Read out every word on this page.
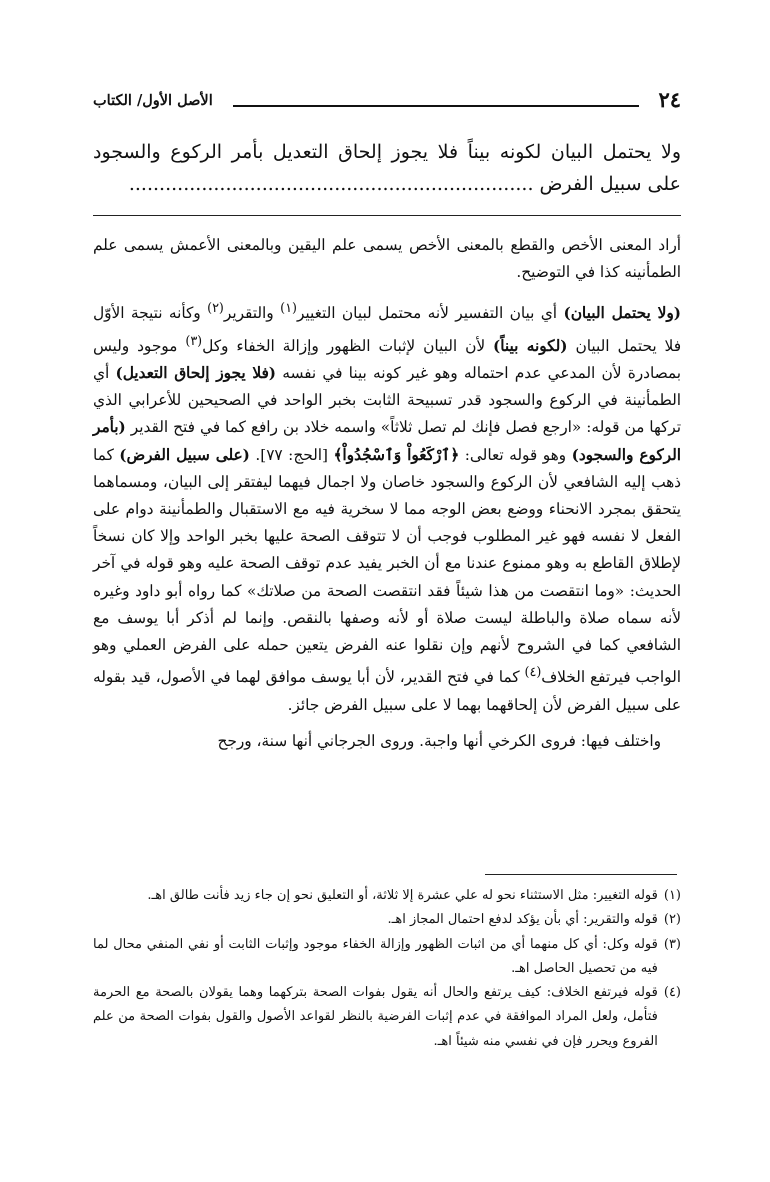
٢٤
الأصل الأول/ الكتاب

ولا يحتمل البيان لكونه بيناً فلا يجوز إلحاق التعديل بأمر الركوع والسجود على سبيل الفرض ...................................................................

أراد المعنى الأخص والقطع بالمعنى الأخص يسمى علم اليقين وبالمعنى الأعمش يسمى علم الطمأنينه كذا في التوضيح.

(ولا يحتمل البيان) أي بيان التفسير لأنه محتمل لبيان التغيير$^{(١)}$ والتقرير$^{(٢)}$ وكأنه نتيجة الأوّل فلا يحتمل البيان (لكونه بيناً) لأن البيان لإثبات الظهور وإزالة الخفاء وكل$^{(٣)}$ موجود وليس بمصادرة لأن المدعي عدم احتماله وهو غير كونه بينا في نفسه (فلا يجوز إلحاق التعديل) أي الطمأنينة في الركوع والسجود قدر تسبيحة الثابت بخبر الواحد في الصحيحين للأعرابي الذي تركها من قوله: «ارجع فصل فإنك لم تصل ثلاثاً» واسمه خلاد بن رافع كما في فتح القدير (بأمر الركوع والسجود) وهو قوله تعالى: ﴿ٱرْكَعُواْ وَٱسْجُدُواْ﴾ [الحج: ٧٧]. (على سبيل الفرض) كما ذهب إليه الشافعي لأن الركوع والسجود خاصان ولا اجمال فيهما ليفتقر إلى البيان، ومسماهما يتحقق بمجرد الانحناء ووضع بعض الوجه مما لا سخرية فيه مع الاستقبال والطمأنينة دوام على الفعل لا نفسه فهو غير المطلوب فوجب أن لا تتوقف الصحة عليها بخبر الواحد وإلا كان نسخاً لإطلاق القاطع به وهو ممنوع عندنا مع أن الخبر يفيد عدم توقف الصحة عليه وهو قوله في آخر الحديث: «وما انتقصت من هذا شيئاً فقد انتقصت الصحة من صلاتك» كما رواه أبو داود وغيره لأنه سماه صلاة والباطلة ليست صلاة أو لأنه وصفها بالنقص. وإنما لم أذكر أبا يوسف مع الشافعي كما في الشروح لأنهم وإن نقلوا عنه الفرض يتعين حمله على الفرض العملي وهو الواجب فيرتفع الخلاف$^{(٤)}$ كما في فتح القدير، لأن أبا يوسف موافق لهما في الأصول، قيد بقوله على سبيل الفرض لأن إلحاقهما بهما لا على سبيل الفرض جائز.

واختلف فيها: فروى الكرخي أنها واجبة. وروى الجرجاني أنها سنة، ورجح

(١)
قوله التغيير: مثل الاستثناء نحو له علي عشرة إلا ثلاثة، أو التعليق نحو إن جاء زيد فأنت طالق اهـ.
(٢)
قوله والتقرير: أي بأن يؤكد لدفع احتمال المجاز اهـ.
(٣)
قوله وكل: أي كل منهما أي من اثبات الظهور وإزالة الخفاء موجود وإثبات الثابت أو نفي المنفي محال لما فيه من تحصيل الحاصل اهـ.
(٤)
قوله فيرتفع الخلاف: كيف يرتفع والحال أنه يقول بفوات الصحة بتركهما وهما يقولان بالصحة مع الحرمة فتأمل، ولعل المراد الموافقة في عدم إثبات الفرضية بالنظر لقواعد الأصول والقول بفوات الصحة من علم الفروع ويحرر فإن في نفسي منه شيئاً اهـ.
